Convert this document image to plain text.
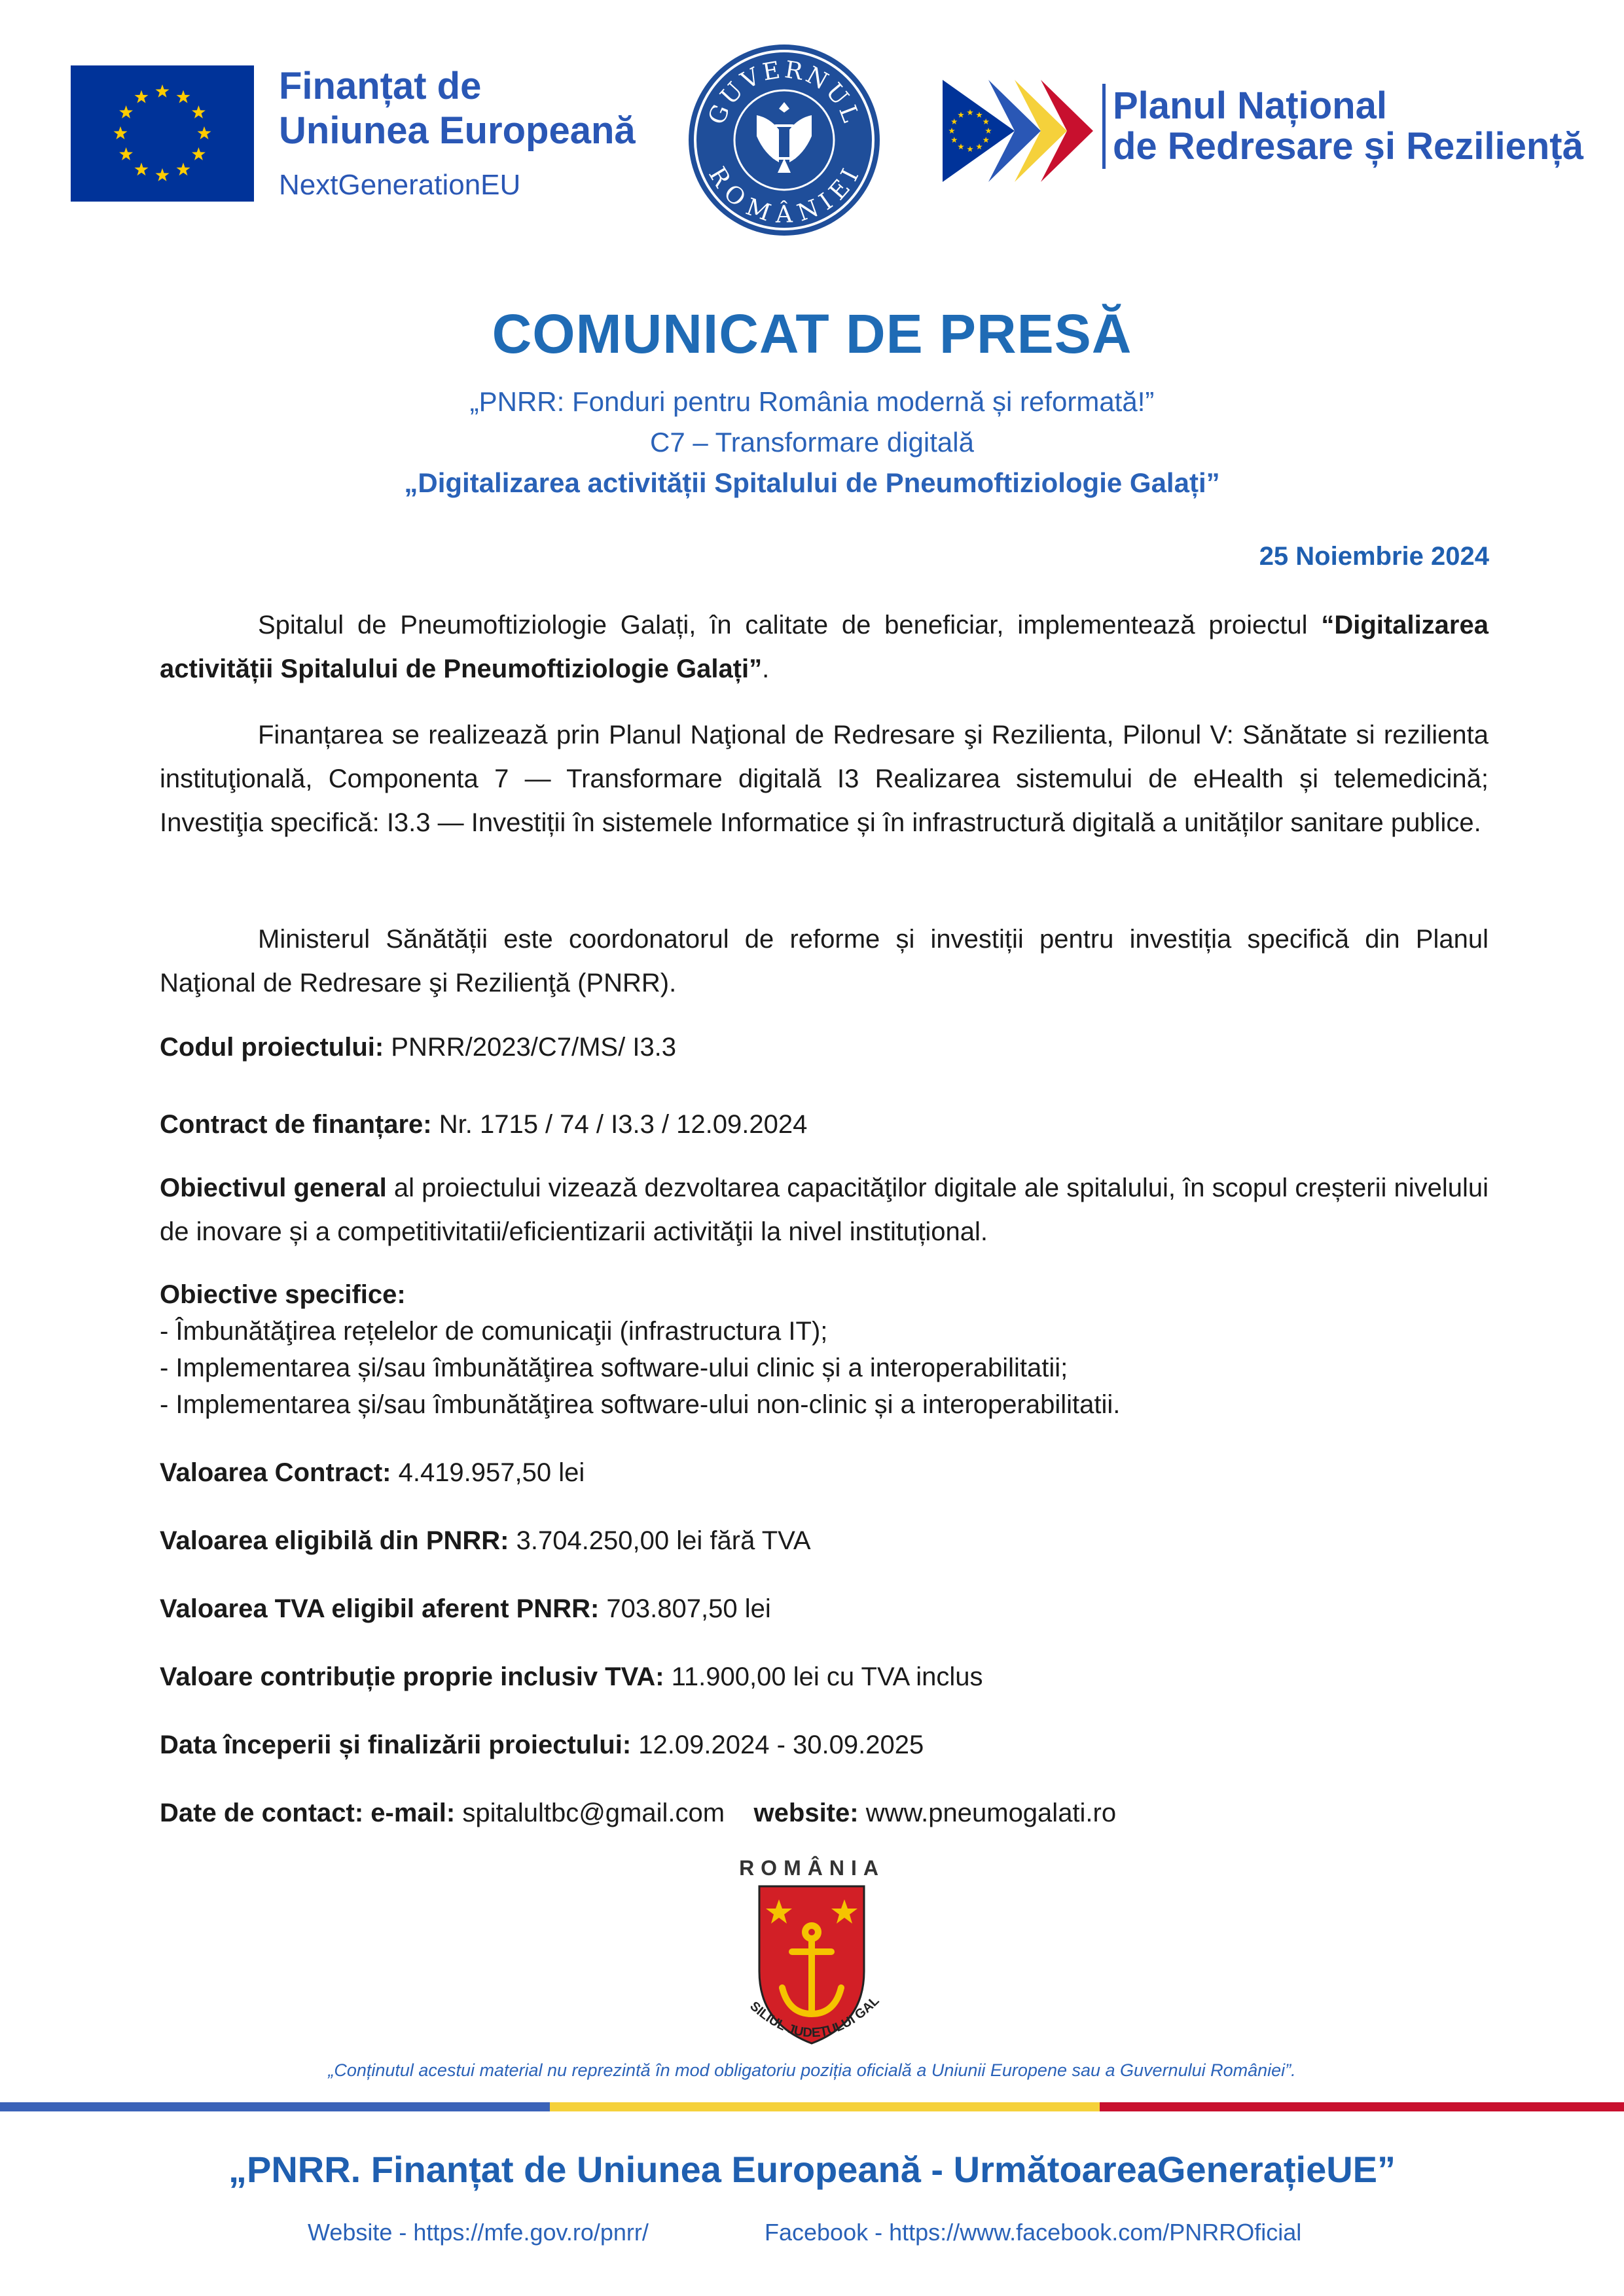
Finanțat de
Uniunea Europeană
NextGenerationEU
GUVERNUL
ROMÂNIEI
Planul Național
de Redresare și Reziliență
COMUNICAT DE PRESĂ
„PNRR: Fonduri pentru România modernă și reformată!”
C7 – Transformare digitală
„Digitalizarea activității Spitalului de Pneumoftiziologie Galați”
25 Noiembrie 2024
Spitalul de Pneumoftiziologie Galați, în calitate de beneficiar, implementează proiectul “Digitalizarea activității Spitalului de Pneumoftiziologie Galați”.
Finanțarea se realizează prin Planul Naţional de Redresare şi Rezilienta, Pilonul V: Sănătate si rezilienta instituţională, Componenta 7 — Transformare digitală I3 Realizarea sistemului de eHealth și telemedicină; Investiţia specifică: I3.3 — Investiții în sistemele Informatice și în infrastructură digitală a unităților sanitare publice.
Ministerul Sănătății este coordonatorul de reforme și investiții pentru investiția specifică din Planul Naţional de Redresare şi Rezilienţă (PNRR).
Codul proiectului: PNRR/2023/C7/MS/ I3.3
Contract de finanțare: Nr. 1715 / 74 / I3.3 / 12.09.2024
Obiectivul general al proiectului vizează dezvoltarea capacităţilor digitale ale spitalului, în scopul creșterii nivelului de inovare și a competitivitatii/eficientizarii activităţii la nivel instituțional.
Obiective specifice:
- Îmbunătăţirea rețelelor de comunicaţii (infrastructura IT);
- Implementarea și/sau îmbunătăţirea software-ului clinic și a interoperabilitatii;
- Implementarea și/sau îmbunătăţirea software-ului non-clinic și a interoperabilitatii.
Valoarea Contract: 4.419.957,50 lei
Valoarea eligibilă din PNRR: 3.704.250,00 lei fără TVA
Valoarea TVA eligibil aferent PNRR: 703.807,50 lei
Valoare contribuție proprie inclusiv TVA: 11.900,00 lei cu TVA inclus
Data începerii și finalizării proiectului: 12.09.2024 - 30.09.2025
Date de contact: e-mail: spitalultbc@gmail.com website: www.pneumogalati.ro
ROMÂNIA
SILIUL JUDEŢULUI GAL
„Conținutul acestui material nu reprezintă în mod obligatoriu poziția oficială a Uniunii Europene sau a Guvernului României”.
„PNRR. Finanțat de Uniunea Europeană - UrmătoareaGenerațieUE”
Website - https://mfe.gov.ro/pnrr/	Facebook - https://www.facebook.com/PNRROficial
